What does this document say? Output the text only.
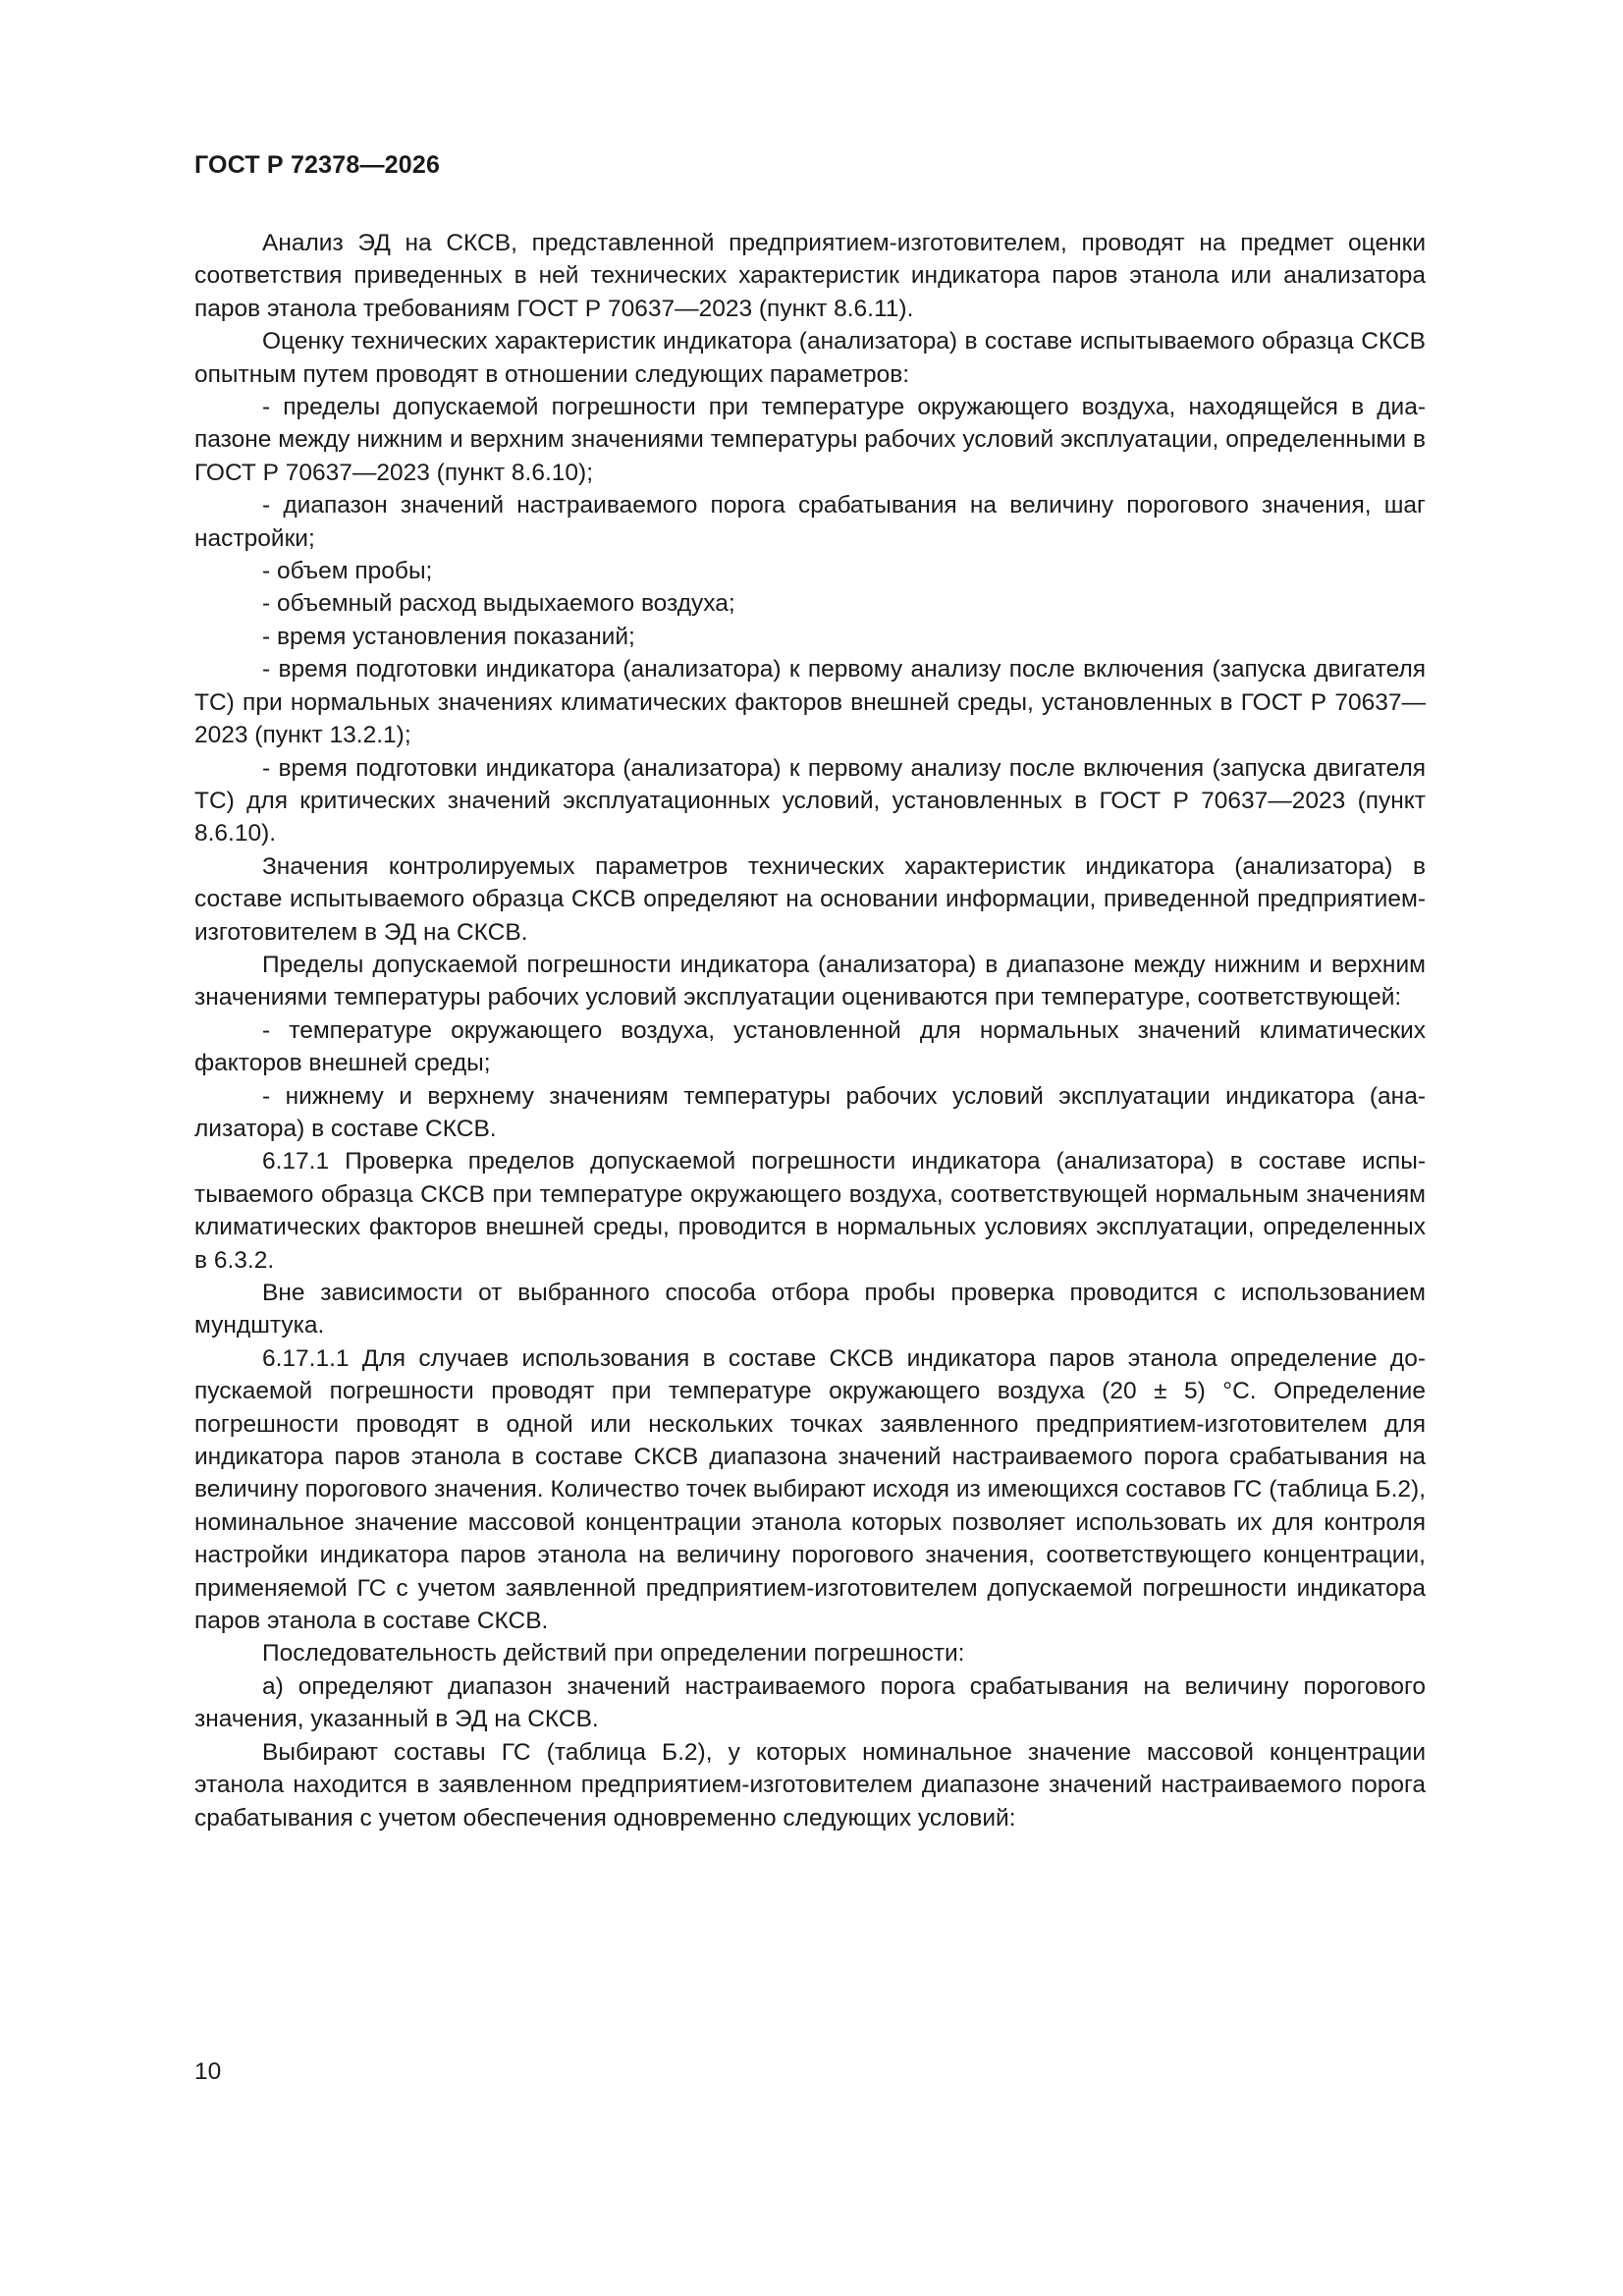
ГОСТ Р 72378—2026

Анализ ЭД на СКСВ, представленной предприятием-изготовителем, проводят на предмет оценки соответствия приведенных в ней технических характеристик индикатора паров этанола или анализатора паров этанола требованиям ГОСТ Р 70637—2023 (пункт 8.6.11).

Оценку технических характеристик индикатора (анализатора) в составе испытываемого образца СКСВ опытным путем проводят в отношении следующих параметров:

- пределы допускаемой погрешности при температуре окружающего воздуха, находящейся в диапазоне между нижним и верхним значениями температуры рабочих условий эксплуатации, определенными в ГОСТ Р 70637—2023 (пункт 8.6.10);

- диапазон значений настраиваемого порога срабатывания на величину порогового значения, шаг настройки;

- объем пробы;

- объемный расход выдыхаемого воздуха;

- время установления показаний;

- время подготовки индикатора (анализатора) к первому анализу после включения (запуска двигателя ТС) при нормальных значениях климатических факторов внешней среды, установленных в ГОСТ Р 70637—2023 (пункт 13.2.1);

- время подготовки индикатора (анализатора) к первому анализу после включения (запуска двигателя ТС) для критических значений эксплуатационных условий, установленных в ГОСТ Р 70637—2023 (пункт 8.6.10).

Значения контролируемых параметров технических характеристик индикатора (анализатора) в составе испытываемого образца СКСВ определяют на основании информации, приведенной предприятием-изготовителем в ЭД на СКСВ.

Пределы допускаемой погрешности индикатора (анализатора) в диапазоне между нижним и верхним значениями температуры рабочих условий эксплуатации оцениваются при температуре, соответствующей:

- температуре окружающего воздуха, установленной для нормальных значений климатических факторов внешней среды;

- нижнему и верхнему значениям температуры рабочих условий эксплуатации индикатора (анализатора) в составе СКСВ.

6.17.1 Проверка пределов допускаемой погрешности индикатора (анализатора) в составе испытываемого образца СКСВ при температуре окружающего воздуха, соответствующей нормальным значениям климатических факторов внешней среды, проводится в нормальных условиях эксплуатации, определенных в 6.3.2.

Вне зависимости от выбранного способа отбора пробы проверка проводится с использованием мундштука.

6.17.1.1 Для случаев использования в составе СКСВ индикатора паров этанола определение допускаемой погрешности проводят при температуре окружающего воздуха (20 ± 5) °С. Определение погрешности проводят в одной или нескольких точках заявленного предприятием-изготовителем для индикатора паров этанола в составе СКСВ диапазона значений настраиваемого порога срабатывания на величину порогового значения. Количество точек выбирают исходя из имеющихся составов ГС (таблица Б.2), номинальное значение массовой концентрации этанола которых позволяет использовать их для контроля настройки индикатора паров этанола на величину порогового значения, соответствующего концентрации, применяемой ГС с учетом заявленной предприятием-изготовителем допускаемой погрешности индикатора паров этанола в составе СКСВ.

Последовательность действий при определении погрешности:

а) определяют диапазон значений настраиваемого порога срабатывания на величину порогового значения, указанный в ЭД на СКСВ.

Выбирают составы ГС (таблица Б.2), у которых номинальное значение массовой концентрации этанола находится в заявленном предприятием-изготовителем диапазоне значений настраиваемого порога срабатывания с учетом обеспечения одновременно следующих условий:

10
